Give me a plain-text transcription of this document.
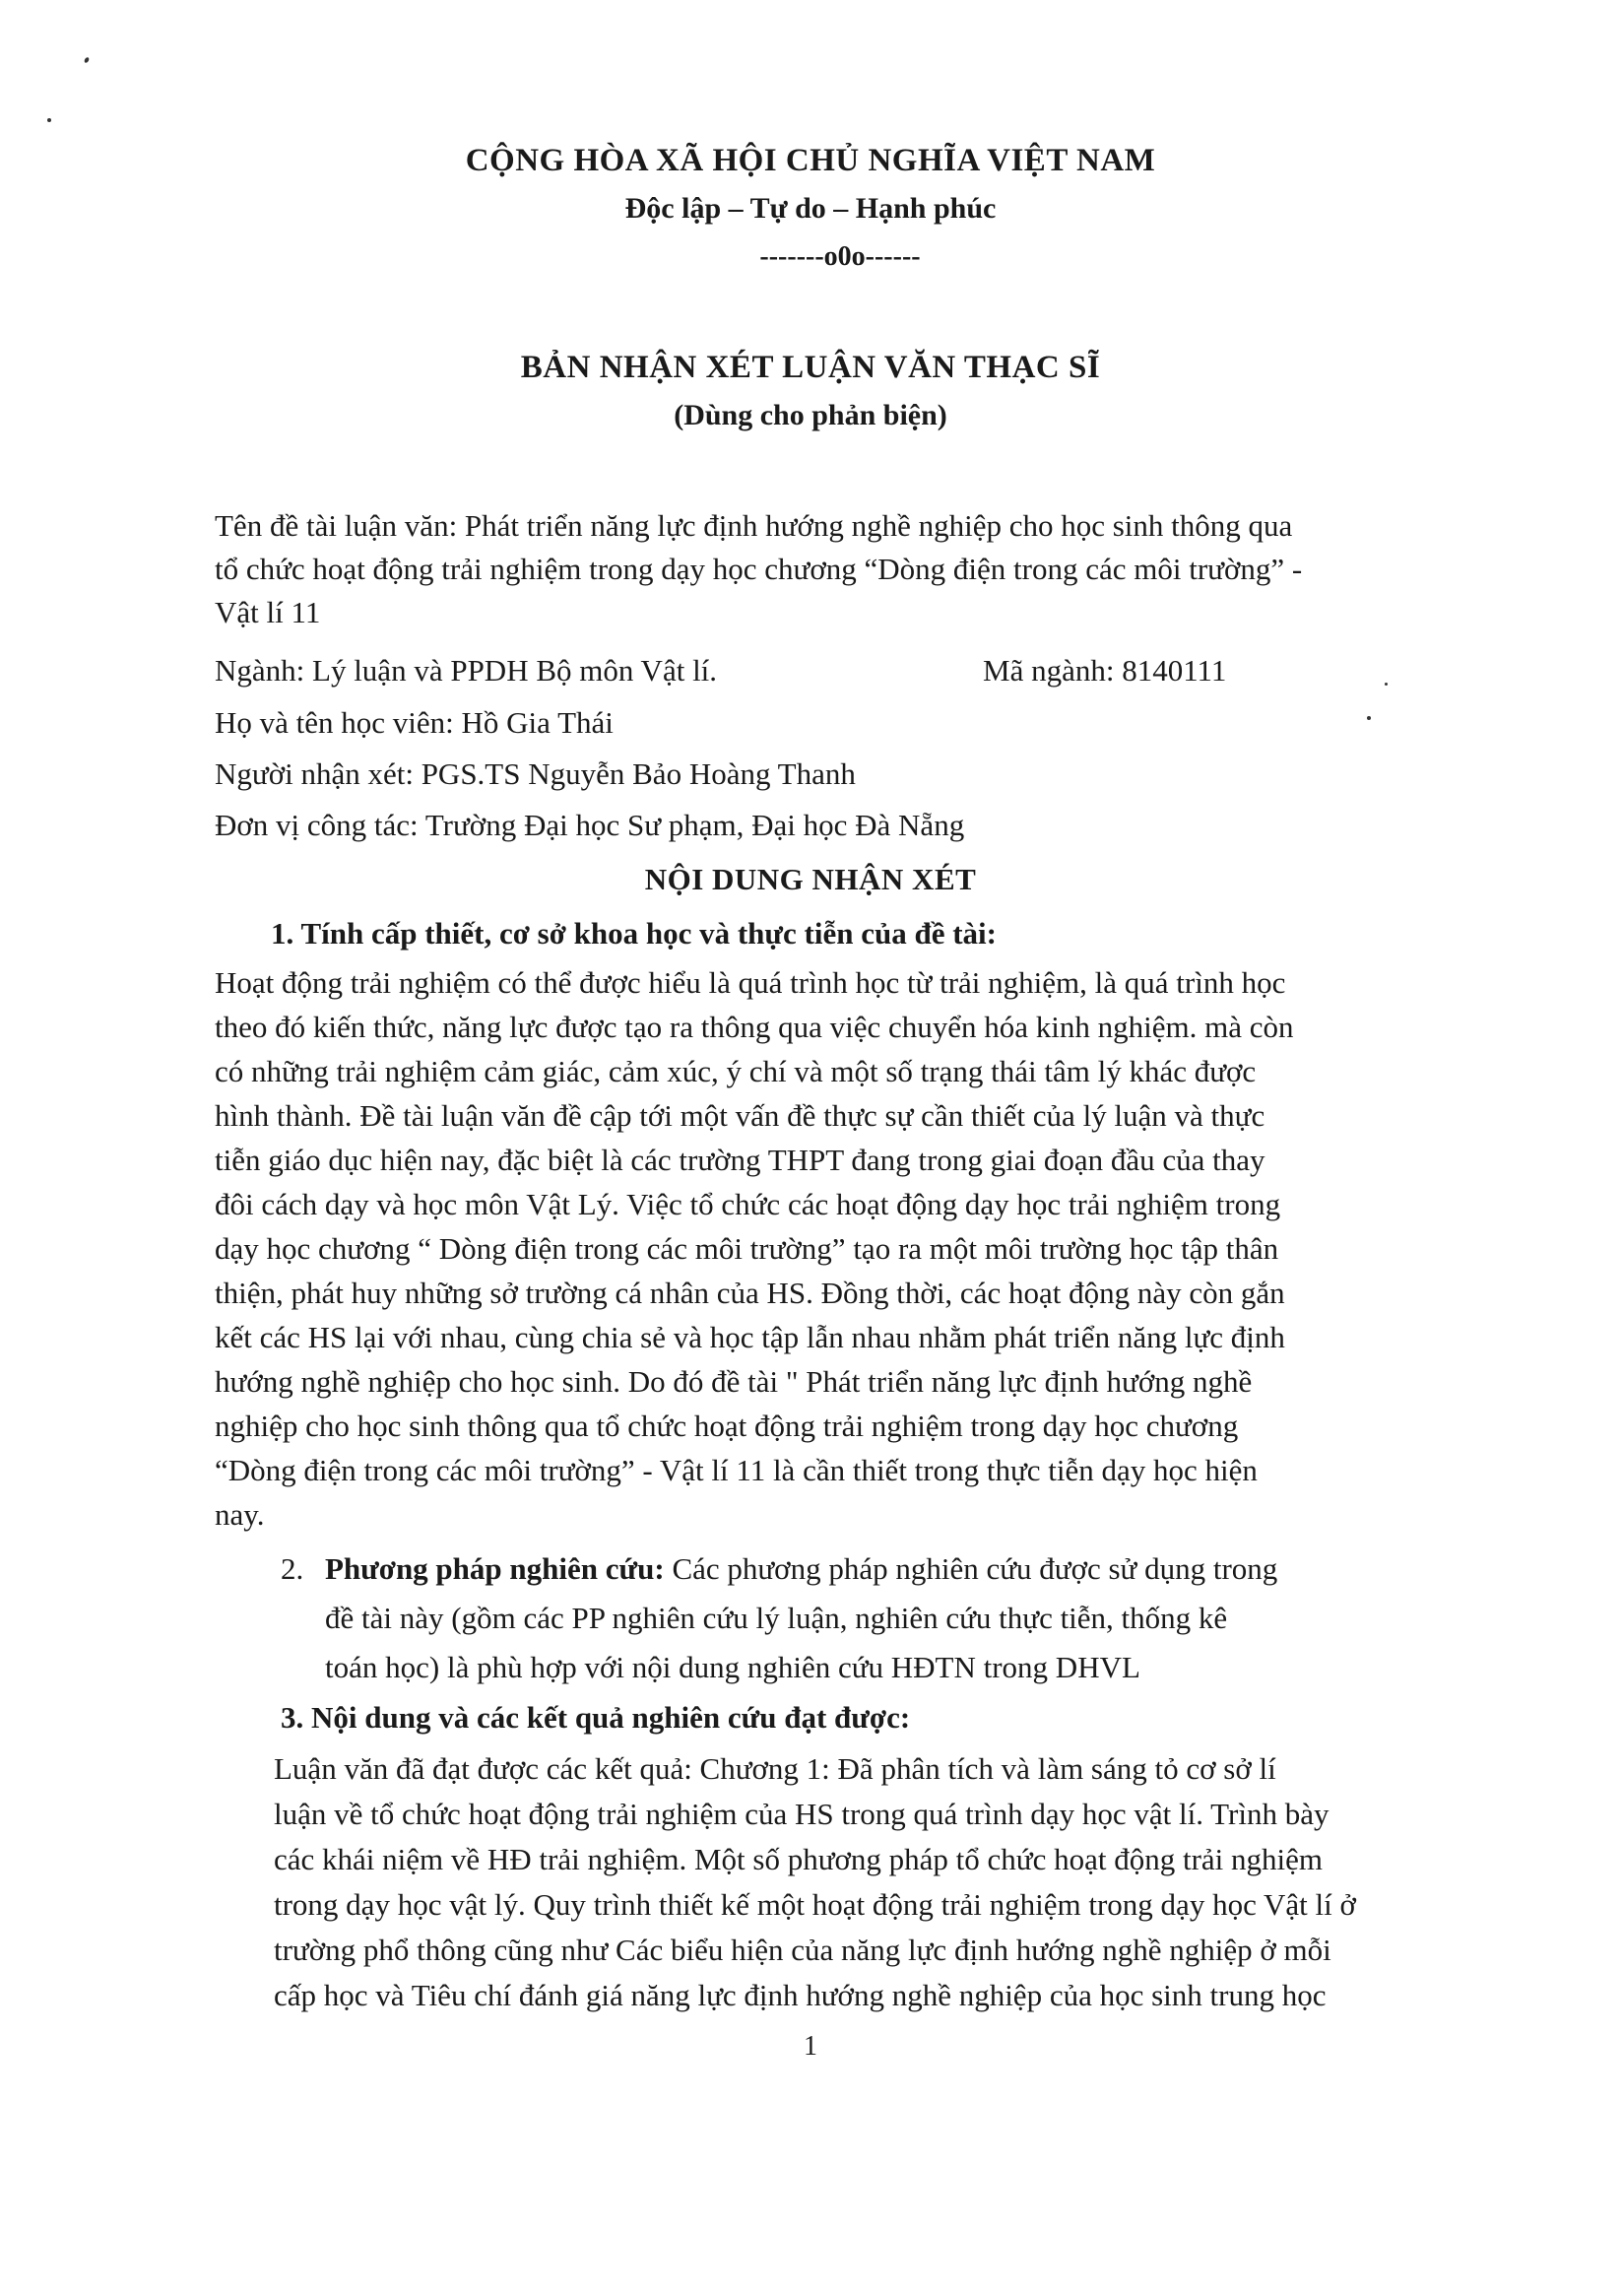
CỘNG HÒA XÃ HỘI CHỦ NGHĨA VIỆT NAM
Độc lập – Tự do – Hạnh phúc
-------o0o------
BẢN NHẬN XÉT LUẬN VĂN THẠC SĨ
(Dùng cho phản biện)
Tên đề tài luận văn: Phát triển năng lực định hướng nghề nghiệp cho học sinh thông qua
tổ chức hoạt động trải nghiệm trong dạy học chương “Dòng điện trong các môi trường” -
Vật lí 11
Ngành: Lý luận và PPDH Bộ môn Vật lí.	Mã ngành: 8140111
Họ và tên học viên: Hồ Gia Thái
Người nhận xét: PGS.TS Nguyễn Bảo Hoàng Thanh
Đơn vị công tác: Trường Đại học Sư phạm, Đại học Đà Nẵng
NỘI DUNG NHẬN XÉT
1. Tính cấp thiết, cơ sở khoa học và thực tiễn của đề tài:
Hoạt động trải nghiệm có thể được hiểu là quá trình học từ trải nghiệm, là quá trình học
theo đó kiến thức, năng lực được tạo ra thông qua việc chuyển hóa kinh nghiệm. mà còn
có những trải nghiệm cảm giác, cảm xúc, ý chí và một số trạng thái tâm lý khác được
hình thành. Đề tài luận văn đề cập tới một vấn đề thực sự cần thiết của lý luận và thực
tiễn giáo dục hiện nay, đặc biệt là các trường THPT đang trong giai đoạn đầu của thay
đôi cách dạy và học môn Vật Lý. Việc tổ chức các hoạt động dạy học trải nghiệm trong
dạy học chương “ Dòng điện trong các môi trường” tạo ra một môi trường học tập thân
thiện, phát huy những sở trường cá nhân của HS. Đồng thời, các hoạt động này còn gắn
kết các HS lại với nhau, cùng chia sẻ và học tập lẫn nhau nhằm phát triển năng lực định
hướng nghề nghiệp cho học sinh. Do đó đề tài " Phát triển năng lực định hướng nghề
nghiệp cho học sinh thông qua tổ chức hoạt động trải nghiệm trong dạy học chương
“Dòng điện trong các môi trường” - Vật lí 11 là cần thiết trong thực tiễn dạy học hiện
nay.
2. Phương pháp nghiên cứu: Các phương pháp nghiên cứu được sử dụng trong
đề tài này (gồm các PP nghiên cứu lý luận, nghiên cứu thực tiễn, thống kê
toán học) là phù hợp với nội dung nghiên cứu HĐTN trong DHVL
3. Nội dung và các kết quả nghiên cứu đạt được:
Luận văn đã đạt được các kết quả: Chương 1: Đã phân tích và làm sáng tỏ cơ sở lí
luận về tổ chức hoạt động trải nghiệm của HS trong quá trình dạy học vật lí. Trình bày
các khái niệm về HĐ trải nghiệm. Một số phương pháp tổ chức hoạt động trải nghiệm
trong dạy học vật lý. Quy trình thiết kế một hoạt động trải nghiệm trong dạy học Vật lí ở
trường phổ thông cũng như Các biểu hiện của năng lực định hướng nghề nghiệp ở mỗi
cấp học và Tiêu chí đánh giá năng lực định hướng nghề nghiệp của học sinh trung học
1
